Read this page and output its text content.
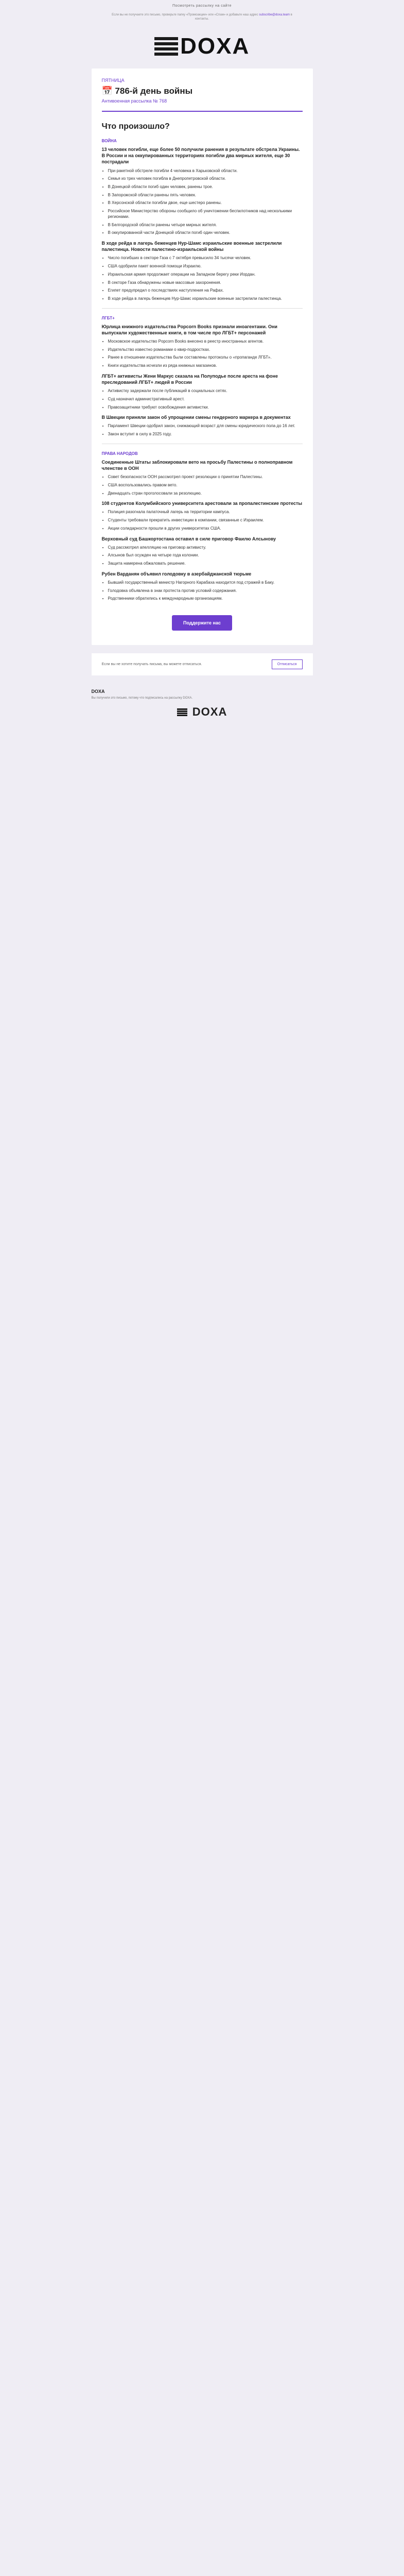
Посмотреть рассылку на сайте
Если вы не получаете это письмо, проверьте папку «Промоакции» или «Спам» и добавьте наш адрес subscribe@doxa.team в контакты.
DOXA
ПЯТНИЦА
📅 786-й день войны
Антивоенная рассылка № 768
Что произошло?
ВОЙНА
13 человек погибли, еще более 50 получили ранения в результате обстрела Украины. В России и на оккупированных территориях погибли два мирных жителя, еще 30 пострадали
• При ракетной обстреле погибли 4 человека в Харьковской области.
• Семья из трех человек погибла в Днепропетровской области.
• В Донецкой области погиб один человек, ранены трое.
• В Запорожской области ранены пять человек.
• В Херсонской области погибли двое, еще шестеро ранены.
• Российское Министерство обороны сообщило об уничтожении беспилотников над несколькими регионами.
• В Белгородской области ранены четыре мирных жителя.
• В оккупированной части Донецкой области погиб один человек.
В ходе рейда в лагерь беженцев Нур-Шамс израильские военные застрелили палестинца. Новости палестино-израильской войны
• Число погибших в секторе Газа с 7 октября превысило 34 тысячи человек.
• США одобрили пакет военной помощи Израилю.
• Израильская армия продолжает операции на Западном берегу реки Иордан.
• В секторе Газа обнаружены новые массовые захоронения.
• Египет предупредил о последствиях наступления на Рафах.
• В ходе рейда в лагерь беженцев Нур-Шамс израильские военные застрелили палестинца.
ЛГБТ+
Юрлица книжного издательства Popcorn Books признали иноагентами. Они выпускали художественные книги, в том числе про ЛГБТ+ персонажей
• Московское издательство Popcorn Books внесено в реестр иностранных агентов.
• Издательство известно романами о квир-подростках.
• Ранее в отношении издательства были составлены протоколы о «пропаганде ЛГБТ».
• Книги издательства исчезли из ряда книжных магазинов.
ЛГБТ+ активисты Жени Маркус сказала на Полуподье после ареста на фоне преследований ЛГБТ+ людей в России
• Активистку задержали после публикаций в социальных сетях.
• Суд назначил административный арест.
• Правозащитники требуют освобождения активистки.
В Швеции приняли закон об упрощении смены гендерного маркера в документах
• Парламент Швеции одобрил закон, снижающий возраст для смены юридического пола до 16 лет.
• Закон вступит в силу в 2025 году.
ПРАВА НАРОДОВ
Соединенные Штаты заблокировали вето на просьбу Палестины о полноправном членстве в ООН
• Совет безопасности ООН рассмотрел проект резолюции о принятии Палестины.
• США воспользовались правом вето.
• Двенадцать стран проголосовали за резолюцию.
108 студентов Колумбийского университета арестовали за пропалестинские протесты
• Полиция разогнала палаточный лагерь на территории кампуса.
• Студенты требовали прекратить инвестиции в компании, связанные с Израилем.
• Акции солидарности прошли в других университетах США.
Верховный суд Башкортостана оставил в силе приговор Фаилю Алсынову
• Суд рассмотрел апелляцию на приговор активисту.
• Алсынов был осужден на четыре года колонии.
• Защита намерена обжаловать решение.
Рубен Варданян объявил голодовку в азербайджанской тюрьме
• Бывший государственный министр Нагорного Карабаха находится под стражей в Баку.
• Голодовка объявлена в знак протеста против условий содержания.
• Родственники обратились к международным организациям.
Поддержите нас
Если вы не хотите получать письма, вы можете отписаться.	Отписаться
DOXA
Вы получили это письмо, потому что подписались на рассылку DOXA.
DOXA
